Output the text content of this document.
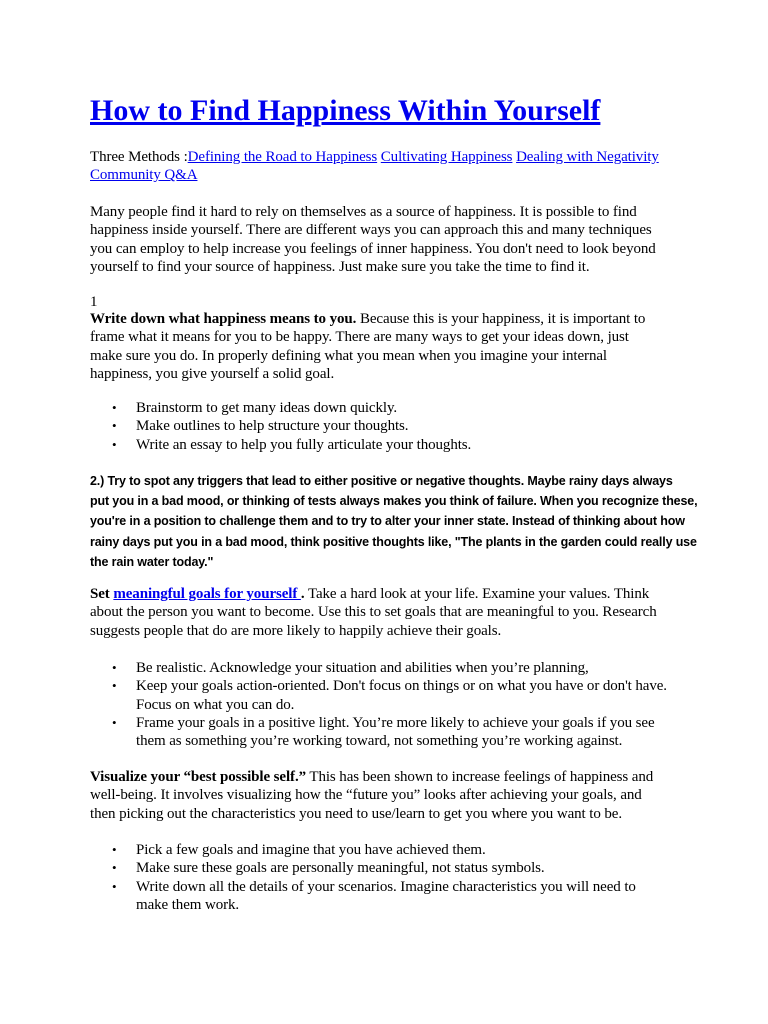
How to Find Happiness Within Yourself
Three Methods :Defining the Road to Happiness Cultivating Happiness Dealing with Negativity
Community Q&A
Many people find it hard to rely on themselves as a source of happiness. It is possible to find
happiness inside yourself. There are different ways you can approach this and many techniques
you can employ to help increase you feelings of inner happiness. You don't need to look beyond
yourself to find your source of happiness. Just make sure you take the time to find it.
1
Write down what happiness means to you. Because this is your happiness, it is important to
frame what it means for you to be happy. There are many ways to get your ideas down, just
make sure you do. In properly defining what you mean when you imagine your internal
happiness, you give yourself a solid goal.
• Brainstorm to get many ideas down quickly.
• Make outlines to help structure your thoughts.
• Write an essay to help you fully articulate your thoughts.
2.) Try to spot any triggers that lead to either positive or negative thoughts. Maybe rainy days always
put you in a bad mood, or thinking of tests always makes you think of failure. When you recognize these,
you're in a position to challenge them and to try to alter your inner state. Instead of thinking about how
rainy days put you in a bad mood, think positive thoughts like, "The plants in the garden could really use
the rain water today."
Set meaningful goals for yourself . Take a hard look at your life. Examine your values. Think
about the person you want to become. Use this to set goals that are meaningful to you. Research
suggests people that do are more likely to happily achieve their goals.
• Be realistic. Acknowledge your situation and abilities when you’re planning,
• Keep your goals action-oriented. Don't focus on things or on what you have or don't have.
Focus on what you can do.
• Frame your goals in a positive light. You’re more likely to achieve your goals if you see
them as something you’re working toward, not something you’re working against.
Visualize your “best possible self.” This has been shown to increase feelings of happiness and
well-being. It involves visualizing how the “future you” looks after achieving your goals, and
then picking out the characteristics you need to use/learn to get you where you want to be.
• Pick a few goals and imagine that you have achieved them.
• Make sure these goals are personally meaningful, not status symbols.
• Write down all the details of your scenarios. Imagine characteristics you will need to
make them work.
